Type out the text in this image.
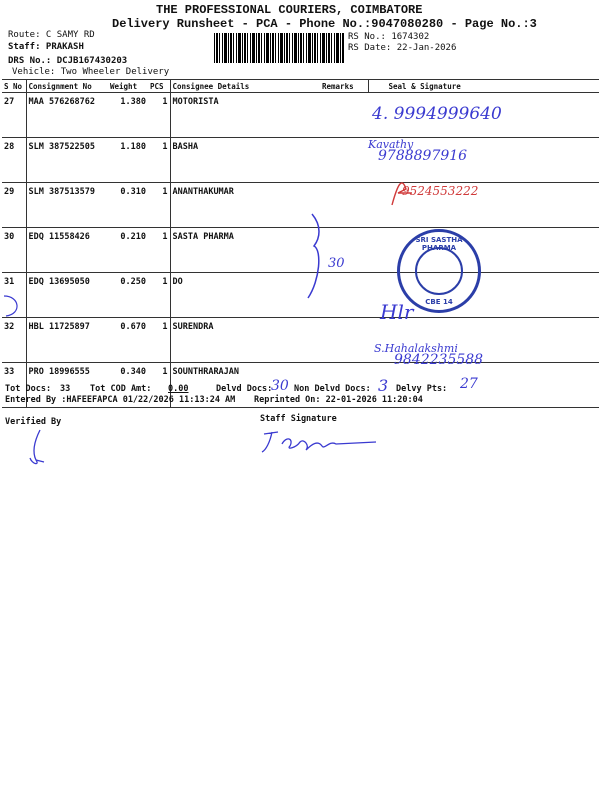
THE PROFESSIONAL COURIERS, COIMBATORE
Delivery Runsheet - PCA - Phone No.:9047080280 - Page No.:3
Route: C SAMY RD
Staff: PRAKASH
DRS No.: DCJB167430203
Vehicle: Two Wheeler Delivery
RS No.: 1674302
RS Date: 22-Jan-2026
S No	Consignment No	Weight	PCS	Consignee Details	Remarks	Seal & Signature
27	MAA 576268762	1.380	1	MOTORISTA		
28	SLM 387522505	1.180	1	BASHA		
29	SLM 387513579	0.310	1	ANANTHAKUMAR		
30	EDQ 11558426	0.210	1	SASTA PHARMA		
31	EDQ 13695050	0.250	1	DO		
32	HBL 11725897	0.670	1	SURENDRA		
33	PRO 18996555	0.340	1	SOUNTHRARAJAN		
4. 9994999640
Kavathy
9788897916
9524553222
30
SRI SASTHA PHARMA
CBE 14
Hlr
S.Hahalakshmi
9842235588
Tot Docs: 33 Tot COD Amt: 0.00	Delvd Docs:
30 Non Delvd Docs: 3 Delvy Pts: 27
Entered By :HAFEEFAPCA 01/22/2026 11:13:24 AM Reprinted On: 22-01-2026 11:20:04
Verified By	Staff Signature
